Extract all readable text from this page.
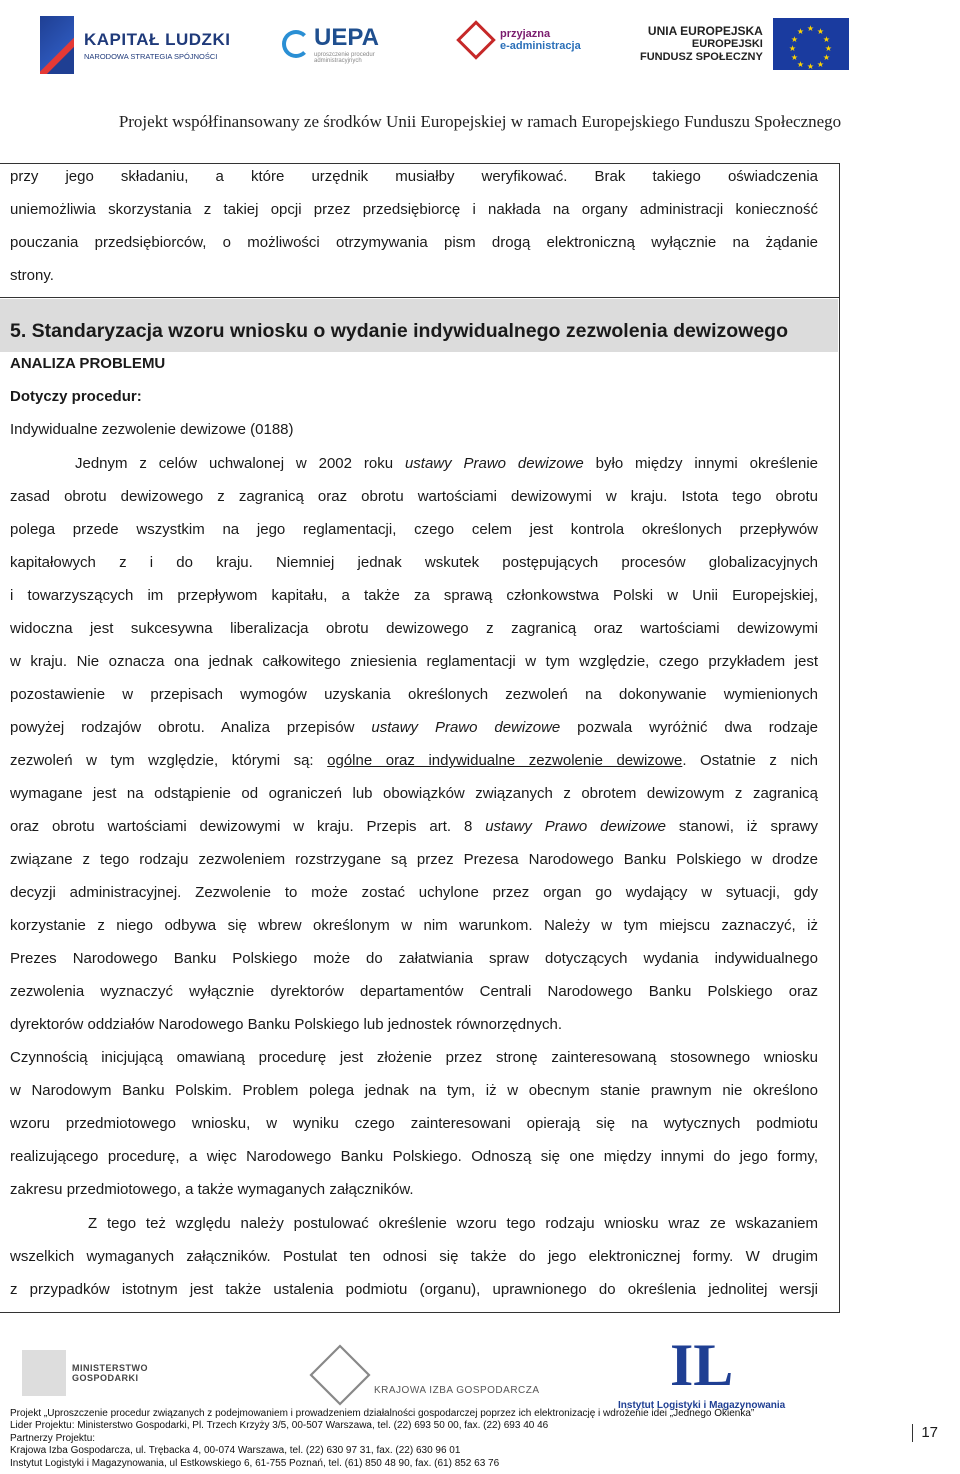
KAPITAŁ LUDZKI
NARODOWA STRATEGIA SPÓJNOŚCI
UEPA
uproszczenie procedur administracyjnych
przyjazna
e-administracja
UNIA EUROPEJSKA
EUROPEJSKI
FUNDUSZ SPOŁECZNY
★ ★
★
★
★
★
★
★
★
★
★
★
Projekt współfinansowany ze środków Unii Europejskiej w ramach Europejskiego Funduszu Społecznego
przy jego składaniu, a które urzędnik musiałby weryfikować. Brak takiego oświadczenia
uniemożliwia skorzystania z takiej opcji przez przedsiębiorcę i nakłada na organy administracji konieczność
pouczania przedsiębiorców, o możliwości otrzymywania pism drogą elektroniczną wyłącznie na żądanie
strony.
5. Standaryzacja wzoru wniosku o wydanie indywidualnego zezwolenia dewizowego
ANALIZA PROBLEMU
Dotyczy procedur:
Indywidualne zezwolenie dewizowe (0188)
Jednym z celów uchwalonej w 2002 roku ustawy Prawo dewizowe było między innymi określenie
zasad obrotu dewizowego z zagranicą oraz obrotu wartościami dewizowymi w kraju. Istota tego obrotu
polega przede wszystkim na jego reglamentacji, czego celem jest kontrola określonych przepływów
kapitałowych z i do kraju. Niemniej jednak wskutek postępujących procesów globalizacyjnych
i towarzyszących im przepływom kapitału, a także za sprawą członkowstwa Polski w Unii Europejskiej,
widoczna jest sukcesywna liberalizacja obrotu dewizowego z zagranicą oraz wartościami dewizowymi
w kraju. Nie oznacza ona jednak całkowitego zniesienia reglamentacji w tym względzie, czego przykładem jest
pozostawienie w przepisach wymogów uzyskania określonych zezwoleń na dokonywanie wymienionych
powyżej rodzajów obrotu. Analiza przepisów ustawy Prawo dewizowe pozwala wyróżnić dwa rodzaje
zezwoleń w tym względzie, którymi są: ogólne oraz indywidualne zezwolenie dewizowe. Ostatnie z nich
wymagane jest na odstąpienie od ograniczeń lub obowiązków związanych z obrotem dewizowym z zagranicą
oraz obrotu wartościami dewizowymi w kraju. Przepis art. 8 ustawy Prawo dewizowe stanowi, iż sprawy
związane z tego rodzaju zezwoleniem rozstrzygane są przez Prezesa Narodowego Banku Polskiego w drodze
decyzji administracyjnej. Zezwolenie to może zostać uchylone przez organ go wydający w sytuacji, gdy
korzystanie z niego odbywa się wbrew określonym w nim warunkom. Należy w tym miejscu zaznaczyć, iż
Prezes Narodowego Banku Polskiego może do załatwiania spraw dotyczących wydania indywidualnego
zezwolenia wyznaczyć wyłącznie dyrektorów departamentów Centrali Narodowego Banku Polskiego oraz
dyrektorów oddziałów Narodowego Banku Polskiego lub jednostek równorzędnych.
Czynnością inicjującą omawianą procedurę jest złożenie przez stronę zainteresowaną stosownego wniosku
w Narodowym Banku Polskim. Problem polega jednak na tym, iż w obecnym stanie prawnym nie określono
wzoru przedmiotowego wniosku, w wyniku czego zainteresowani opierają się na wytycznych podmiotu
realizującego procedurę, a więc Narodowego Banku Polskiego. Odnoszą się one między innymi do jego formy,
zakresu przedmiotowego, a także wymaganych załączników.
Z tego też względu należy postulować określenie wzoru tego rodzaju wniosku wraz ze wskazaniem
wszelkich wymaganych załączników. Postulat ten odnosi się także do jego elektronicznej formy. W drugim
z przypadków istotnym jest także ustalenia podmiotu (organu), uprawnionego do określenia jednolitej wersji
MINISTERSTWO
GOSPODARKI
KRAJOWA IZBA GOSPODARCZA	IL
Instytut Logistyki i Magazynowania
Projekt „Uproszczenie procedur związanych z podejmowaniem i prowadzeniem działalności gospodarczej poprzez ich elektronizację i wdrożenie idei „Jednego Okienka”
Lider Projektu: Ministerstwo Gospodarki, Pl. Trzech Krzyży 3/5, 00-507 Warszawa, tel. (22) 693 50 00, fax. (22) 693 40 46
Partnerzy Projektu:
Krajowa Izba Gospodarcza, ul. Trębacka 4, 00-074 Warszawa, tel. (22) 630 97 31, fax. (22) 630 96 01
Instytut Logistyki i Magazynowania, ul Estkowskiego 6, 61-755 Poznań, tel. (61) 850 48 90, fax. (61) 852 63 76
17
